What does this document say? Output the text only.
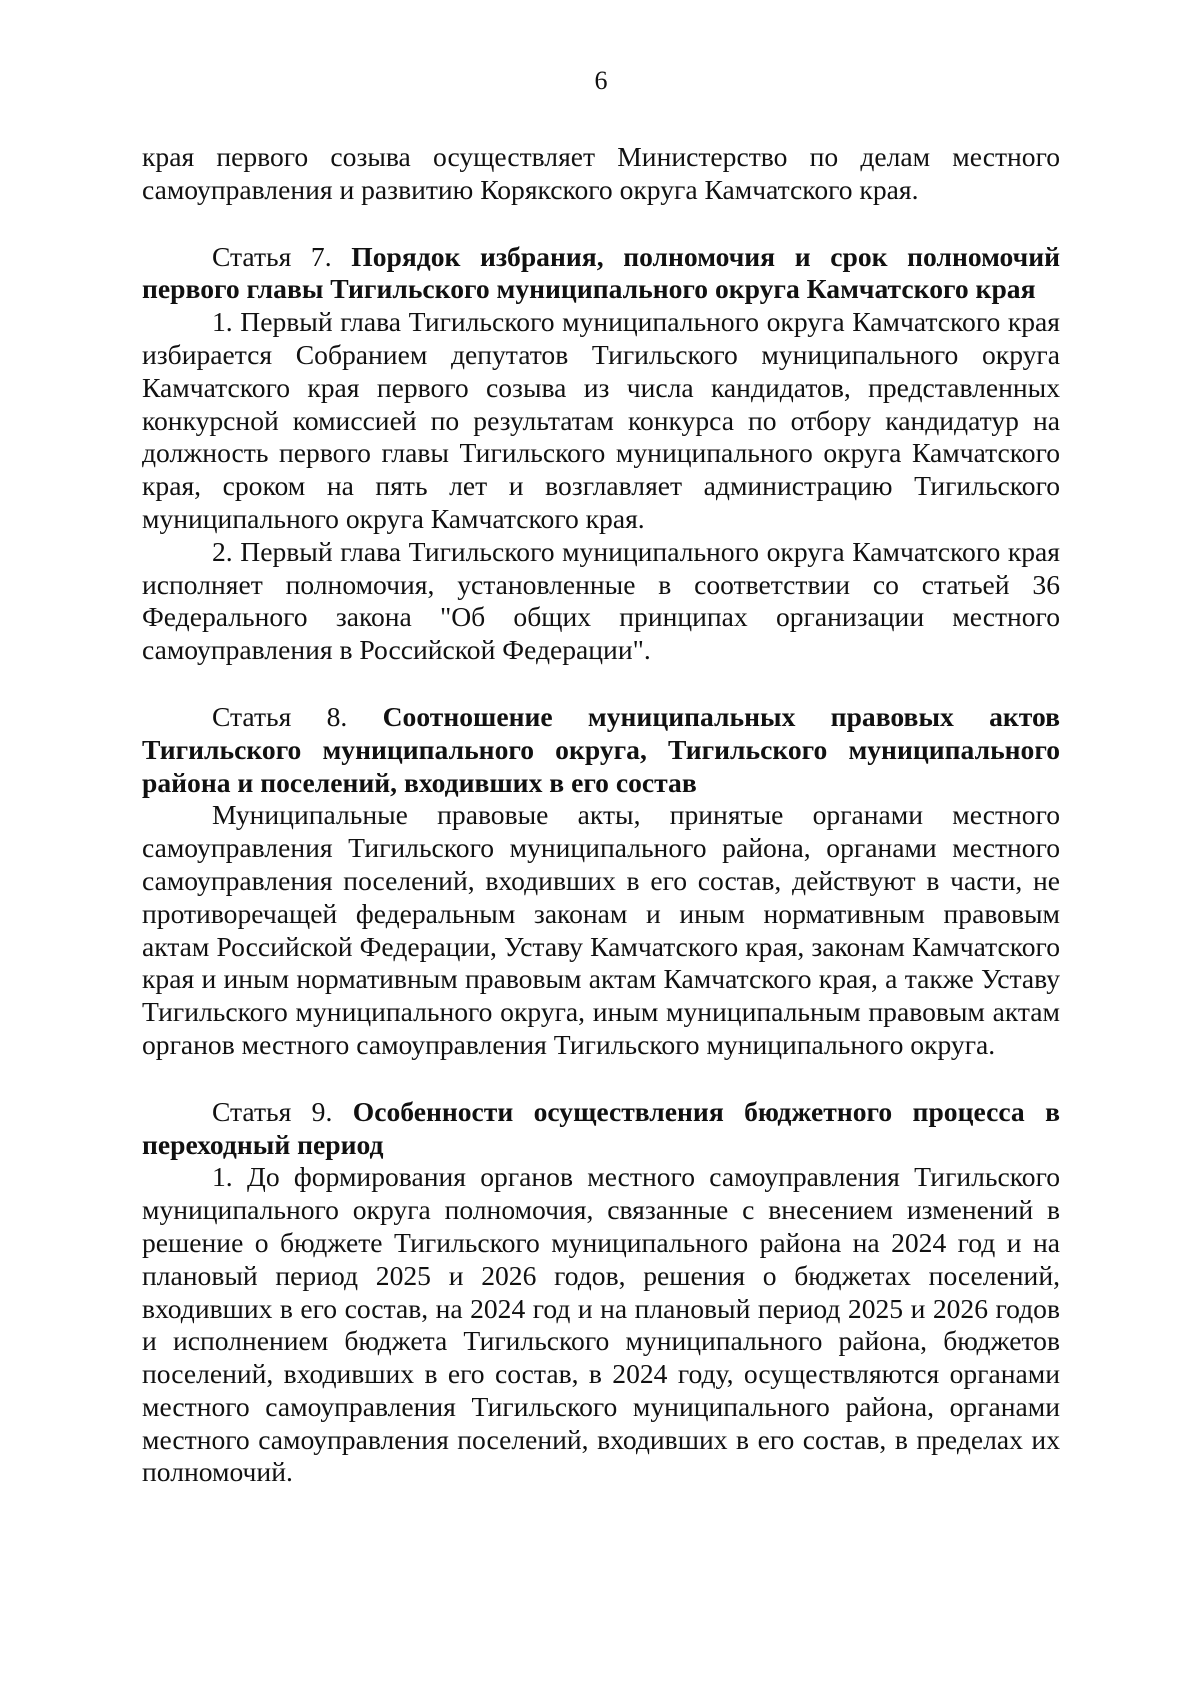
6

края первого созыва осуществляет Министерство по делам местного самоуправления и развитию Корякского округа Камчатского края.

Статья 7. Порядок избрания, полномочия и срок полномочий первого главы Тигильского муниципального округа Камчатского края

1. Первый глава Тигильского муниципального округа Камчатского края избирается Собранием депутатов Тигильского муниципального округа Камчатского края первого созыва из числа кандидатов, представленных конкурсной комиссией по результатам конкурса по отбору кандидатур на должность первого главы Тигильского муниципального округа Камчатского края, сроком на пять лет и возглавляет администрацию Тигильского муниципального округа Камчатского края.

2. Первый глава Тигильского муниципального округа Камчатского края исполняет полномочия, установленные в соответствии со статьей 36 Федерального закона "Об общих принципах организации местного самоуправления в Российской Федерации".

Статья 8. Соотношение муниципальных правовых актов Тигильского муниципального округа, Тигильского муниципального района и поселений, входивших в его состав

Муниципальные правовые акты, принятые органами местного самоуправления Тигильского муниципального района, органами местного самоуправления поселений, входивших в его состав, действуют в части, не противоречащей федеральным законам и иным нормативным правовым актам Российской Федерации, Уставу Камчатского края, законам Камчатского края и иным нормативным правовым актам Камчатского края, а также Уставу Тигильского муниципального округа, иным муниципальным правовым актам органов местного самоуправления Тигильского муниципального округа.

Статья 9. Особенности осуществления бюджетного процесса в переходный период

1. До формирования органов местного самоуправления Тигильского муниципального округа полномочия, связанные с внесением изменений в решение о бюджете Тигильского муниципального района на 2024 год и на плановый период 2025 и 2026 годов, решения о бюджетах поселений, входивших в его состав, на 2024 год и на плановый период 2025 и 2026 годов и исполнением бюджета Тигильского муниципального района, бюджетов поселений, входивших в его состав, в 2024 году, осуществляются органами местного самоуправления Тигильского муниципального района, органами местного самоуправления поселений, входивших в его состав, в пределах их полномочий.
